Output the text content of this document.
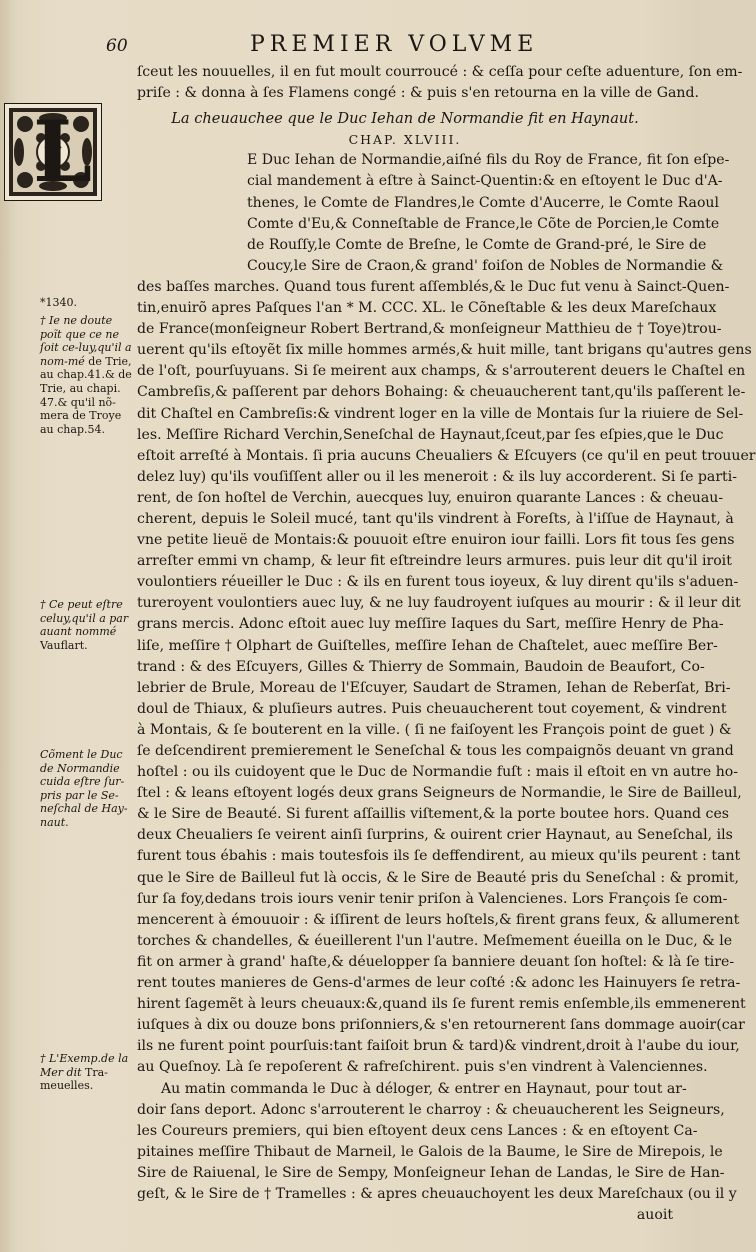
60	PREMIER VOLVME
L
ſceut les nouuelles, il en fut moult courroucé : & ceſſa pour ceſte aduenture, ſon em-
priſe : & donna à ſes Flamens congé : & puis s'en retourna en la ville de Gand.
La cheuauchee que le Duc Iehan de Normandie fit en Haynaut.
CHAP. XLVIII.
E Duc Iehan de Normandie,aiſné fils du Roy de France, fit ſon eſpe-
cial mandement à eſtre à Sainct-Quentin:& en eſtoyent le Duc d'A-
thenes, le Comte de Flandres,le Comte d'Aucerre, le Comte Raoul
Comte d'Eu,& Conneſtable de France,le Cõte de Porcien,le Comte
de Rouſſy,le Comte de Breſne, le Comte de Grand-pré, le Sire de
Coucy,le Sire de Craon,& grand' foiſon de Nobles de Normandie &
des baſſes marches. Quand tous furent aſſemblés,& le Duc fut venu à Sainct-Quen-
tin,enuirõ apres Paſques l'an * M. CCC. XL. le Cõneſtable & les deux Mareſchaux
de France(monſeigneur Robert Bertrand,& monſeigneur Matthieu de † Toye)trou-
uerent qu'ils eſtoyẽt ſix mille hommes armés,& huit mille, tant brigans qu'autres gens
de l'oſt, pourſuyuans. Si ſe meirent aux champs, & s'arrouterent deuers le Chaſtel en
Cambreſis,& paſſerent par dehors Bohaing: & cheuaucherent tant,qu'ils paſſerent le-
dit Chaſtel en Cambreſis:& vindrent loger en la ville de Montais ſur la riuiere de Sel-
les. Meſſire Richard Verchin,Seneſchal de Haynaut,ſceut,par ſes eſpies,que le Duc
eſtoit arreſté à Montais. ſi pria aucuns Cheualiers & Eſcuyers (ce qu'il en peut trouuer
delez luy) qu'ils vouſiſſent aller ou il les meneroit : & ils luy accorderent. Si ſe parti-
rent, de ſon hoſtel de Verchin, auecques luy, enuiron quarante Lances : & cheuau-
cherent, depuis le Soleil mucé, tant qu'ils vindrent à Foreſts, à l'iſſue de Haynaut, à
vne petite lieuë de Montais:& pouuoit eſtre enuiron iour failli. Lors fit tous ſes gens
arreſter emmi vn champ, & leur fit eſtreindre leurs armures. puis leur dit qu'il iroit
voulontiers réueiller le Duc : & ils en furent tous ioyeux, & luy dirent qu'ils s'aduen-
tureroyent voulontiers auec luy, & ne luy faudroyent iuſques au mourir : & il leur dit
grans mercis. Adonc eſtoit auec luy meſſire Iaques du Sart, meſſire Henry de Pha-
liſe, meſſire † Olphart de Guiſtelles, meſſire Iehan de Chaſtelet, auec meſſire Ber-
trand : & des Eſcuyers, Gilles & Thierry de Sommain, Baudoin de Beaufort, Co-
lebrier de Brule, Moreau de l'Eſcuyer, Saudart de Stramen, Iehan de Reberſat, Bri-
doul de Thiaux, & pluſieurs autres. Puis cheuaucherent tout coyement, & vindrent
à Montais, & ſe bouterent en la ville. ( ſi ne faiſoyent les François point de guet ) &
ſe deſcendirent premierement le Seneſchal & tous les compaignõs deuant vn grand
hoſtel : ou ils cuidoyent que le Duc de Normandie fuſt : mais il eſtoit en vn autre ho-
ſtel : & leans eſtoyent logés deux grans Seigneurs de Normandie, le Sire de Bailleul,
& le Sire de Beauté. Si furent aſſaillis viſtement,& la porte boutee hors. Quand ces
deux Cheualiers ſe veirent ainſi ſurprins, & ouirent crier Haynaut, au Seneſchal, ils
furent tous ébahis : mais toutesfois ils ſe deffendirent, au mieux qu'ils peurent : tant
que le Sire de Bailleul fut là occis, & le Sire de Beauté pris du Seneſchal : & promit,
ſur ſa foy,dedans trois iours venir tenir priſon à Valencienes. Lors François ſe com-
mencerent à émouuoir : & iſſirent de leurs hoſtels,& firent grans feux, & allumerent
torches & chandelles, & éueillerent l'un l'autre. Meſmement éueilla on le Duc, & le
fit on armer à grand' haſte,& déuelopper ſa banniere deuant ſon hoſtel: & là ſe tire-
rent toutes manieres de Gens-d'armes de leur coſté :& adonc les Hainuyers ſe retra-
hirent ſagemẽt à leurs cheuaux:&,quand ils ſe furent remis enſemble,ils emmenerent
iuſques à dix ou douze bons priſonniers,& s'en retournerent ſans dommage auoir(car
ils ne furent point pourſuis:tant faiſoit brun & tard)& vindrent,droit à l'aube du iour,
au Queſnoy. Là ſe repoſerent & rafreſchirent. puis s'en vindrent à Valenciennes.
Au matin commanda le Duc à déloger, & entrer en Haynaut, pour tout ar-
doir ſans deport. Adonc s'arrouterent le charroy : & cheuaucherent les Seigneurs,
les Coureurs premiers, qui bien eſtoyent deux cens Lances : & en eſtoyent Ca-
pitaines meſſire Thibaut de Marneil, le Galois de la Baume, le Sire de Mirepois, le
Sire de Raiuenal, le Sire de Sempy, Monſeigneur Iehan de Landas, le Sire de Han-
geſt, & le Sire de † Tramelles : & apres cheuauchoyent les deux Mareſchaux (ou il y
auoit
*1340.
† Ie ne doute poĩt que ce ne ſoit ce-luy,qu'il a nom-mé de Trie, au chap.41.& de Trie, au chapi. 47.& qu'il nõ-mera de Troye au chap.54.
† Ce peut eſtre celuy,qu'il a par auant nommé Vauflart.
Cõment le Duc de Normandie cuida eſtre ſur-pris par le Se-neſchal de Hay-naut.
† L'Exemp.de la Mer dit Tra-meuelles.
